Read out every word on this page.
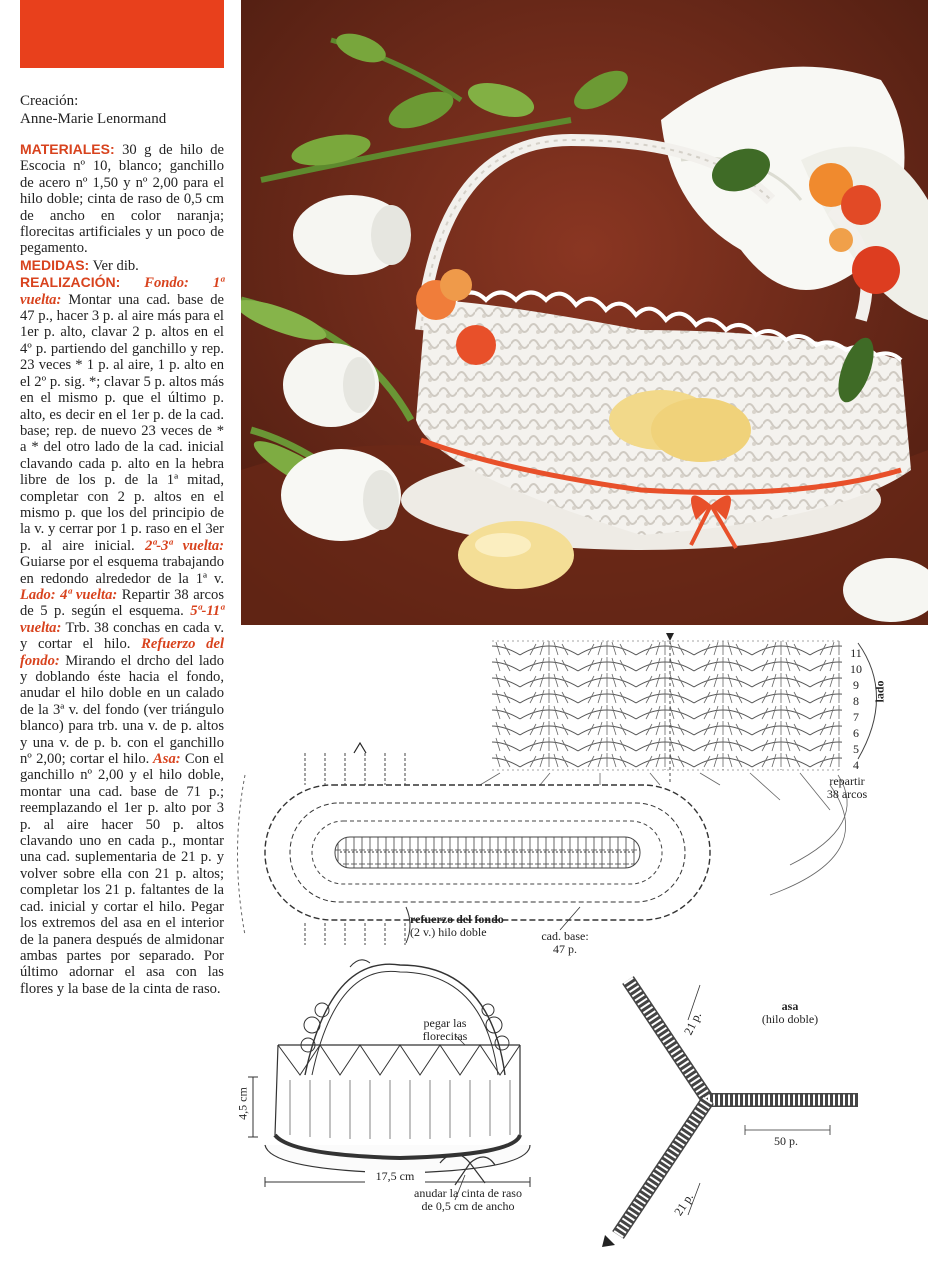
Creación:
Anne-Marie Lenormand
MATERIALES: 30 g de hilo de Escocia nº 10, blanco; ganchillo de acero nº 1,50 y nº 2,00 para el hilo doble; cinta de raso de 0,5 cm de ancho en color naranja; florecitas artificiales y un poco de pegamento.
MEDIDAS: Ver dib.
REALIZACIÓN: Fondo: 1ª vuelta: Montar una cad. base de 47 p., hacer 3 p. al aire más para el 1er p. alto, clavar 2 p. altos en el 4º p. partiendo del ganchillo y rep. 23 veces * 1 p. al aire, 1 p. alto en el 2º p. sig. *; clavar 5 p. altos más en el mismo p. que el último p. alto, es decir en el 1er p. de la cad. base; rep. de nuevo 23 veces de * a * del otro lado de la cad. inicial clavando cada p. alto en la hebra libre de los p. de la 1ª mitad, completar con 2 p. altos en el mismo p. que los del principio de la v. y cerrar por 1 p. raso en el 3er p. al aire inicial. 2ª-3ª vuelta: Guiarse por el esquema trabajando en redondo alrededor de la 1ª v. Lado: 4ª vuelta: Repartir 38 arcos de 5 p. según el esquema. 5ª-11ª vuelta: Trb. 38 conchas en cada v. y cortar el hilo. Refuerzo del fondo: Mirando el drcho del lado y doblando éste hacia el fondo, anudar el hilo doble en un calado de la 3ª v. del fondo (ver triángulo blanco) para trb. una v. de p. altos y una v. de p. b. con el ganchillo nº 2,00; cortar el hilo. Asa: Con el ganchillo nº 2,00 y el hilo doble, montar una cad. base de 71 p.; reemplazando el 1er p. alto por 3 p. al aire hacer 50 p. altos clavando uno en cada p., montar una cad. suplementaria de 21 p. y volver sobre ella con 21 p. altos; completar los 21 p. faltantes de la cad. inicial y cortar el hilo. Pegar los extremos del asa en el interior de la panera después de almidonar ambas partes por separado. Por último adornar el asa con las flores y la base de la cinta de raso.
lado
11
10
9
8
7
6
5
4
repartir
38 arcos
refuerzo del fondo
(2 v.) hilo doble	cad. base:
47 p.
pegar las
florecitas
4,5 cm
17,5 cm
anudar la cinta de raso
de 0,5 cm de ancho
asa
(hilo doble)
21 p.
50 p.
21 p.
